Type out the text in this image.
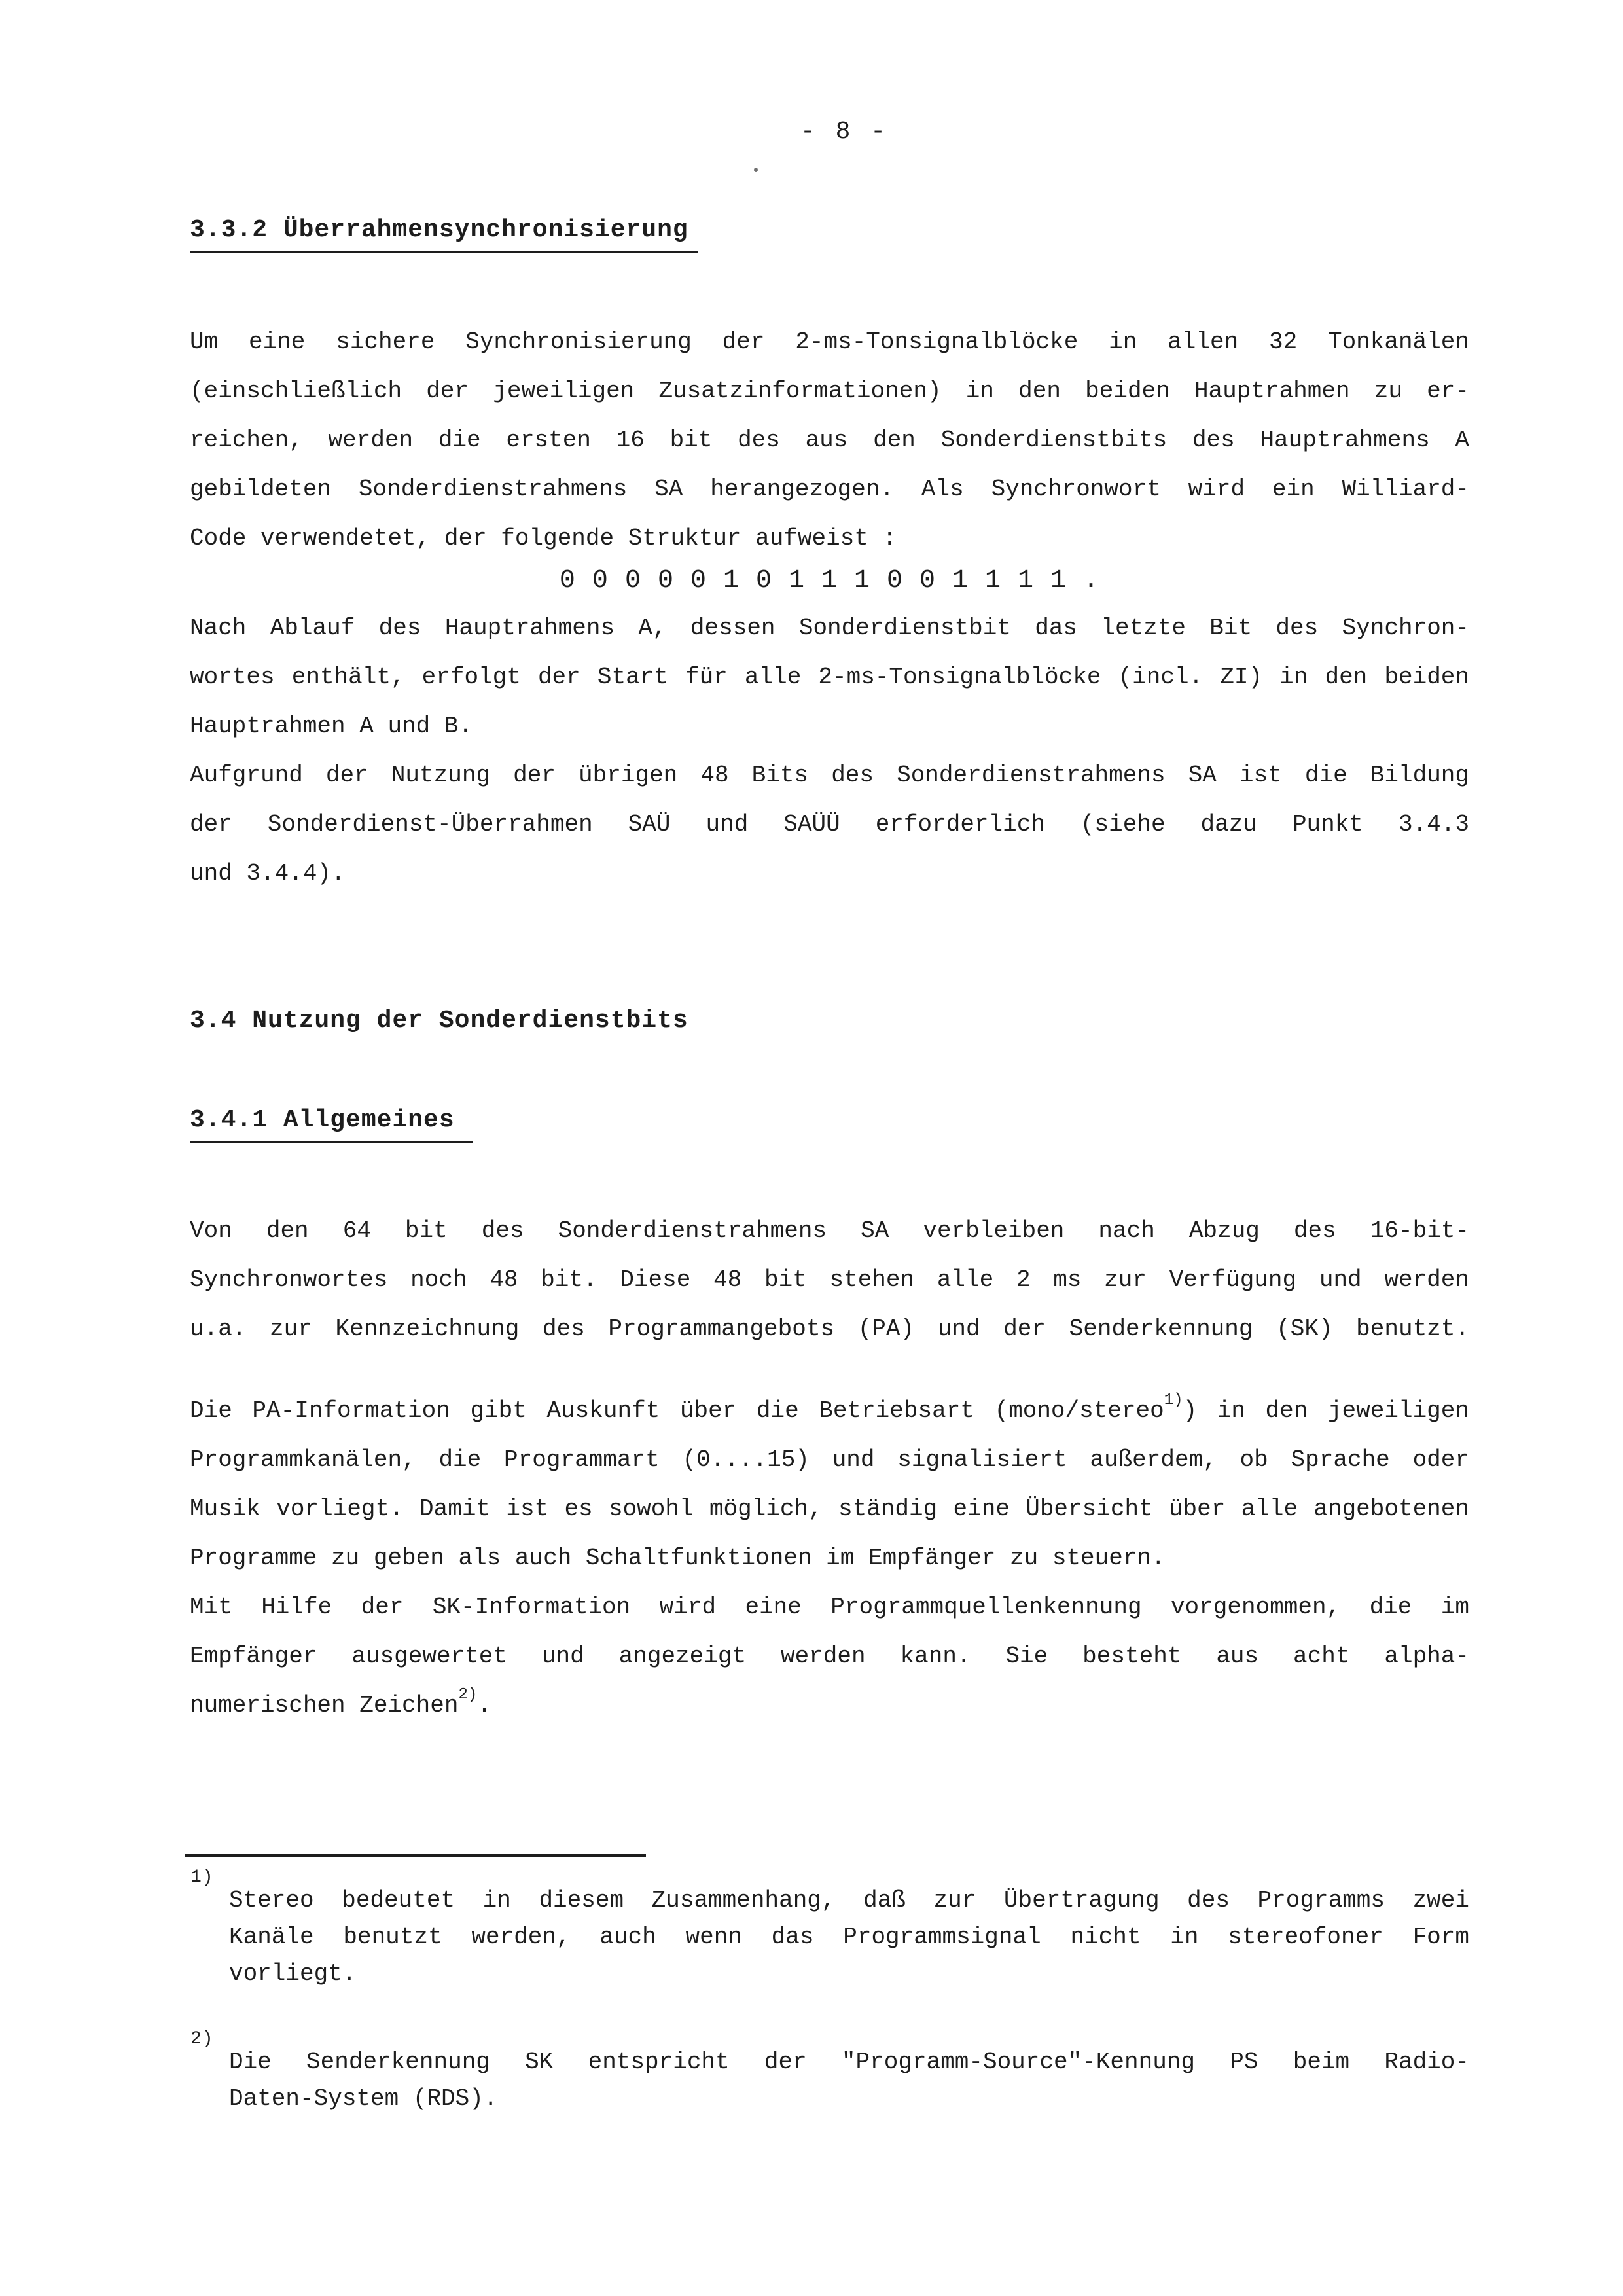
- 8 -
3.3.2 Überrahmensynchronisierung
Um eine sichere Synchronisierung der 2-ms-Tonsignalblöcke in allen 32 Tonkanälen
(einschließlich der jeweiligen Zusatzinformationen) in den beiden Hauptrahmen zu er-
reichen, werden die ersten 16 bit des aus den Sonderdienstbits des Hauptrahmens A
gebildeten Sonderdienstrahmens SA herangezogen. Als Synchronwort wird ein Williard-
Code verwendetet, der folgende Struktur aufweist :
0 0 0 0 0 1 0 1 1 1 0 0 1 1 1 1 .
Nach Ablauf des Hauptrahmens A, dessen Sonderdienstbit das letzte Bit des Synchron-
wortes enthält, erfolgt der Start für alle 2-ms-Tonsignalblöcke (incl. ZI) in den beiden
Hauptrahmen A und B.
Aufgrund der Nutzung der übrigen 48 Bits des Sonderdienstrahmens SA ist die Bildung
der Sonderdienst-Überrahmen SAÜ und SAÜÜ erforderlich (siehe dazu Punkt 3.4.3
und 3.4.4).
3.4 Nutzung der Sonderdienstbits
3.4.1 Allgemeines
Von den 64 bit des Sonderdienstrahmens SA verbleiben nach Abzug des 16-bit-
Synchronwortes noch 48 bit. Diese 48 bit stehen alle 2 ms zur Verfügung und werden
u.a. zur Kennzeichnung des Programmangebots (PA) und der Senderkennung (SK) benutzt.
Die PA-Information gibt Auskunft über die Betriebsart (mono/stereo$^{1)}$) in den jeweiligen
Programmkanälen, die Programmart (0....15) und signalisiert außerdem, ob Sprache oder
Musik vorliegt. Damit ist es sowohl möglich, ständig eine Übersicht über alle angebotenen
Programme zu geben als auch Schaltfunktionen im Empfänger zu steuern.
Mit Hilfe der SK-Information wird eine Programmquellenkennung vorgenommen, die im
Empfänger ausgewertet und angezeigt werden kann. Sie besteht aus acht alpha-
numerischen Zeichen$^{2)}$.
1)
Stereo bedeutet in diesem Zusammenhang, daß zur Übertragung des Programms zwei
Kanäle benutzt werden, auch wenn das Programmsignal nicht in stereofoner Form
vorliegt.
2)
Die Senderkennung SK entspricht der "Programm-Source"-Kennung PS beim Radio-
Daten-System (RDS).
